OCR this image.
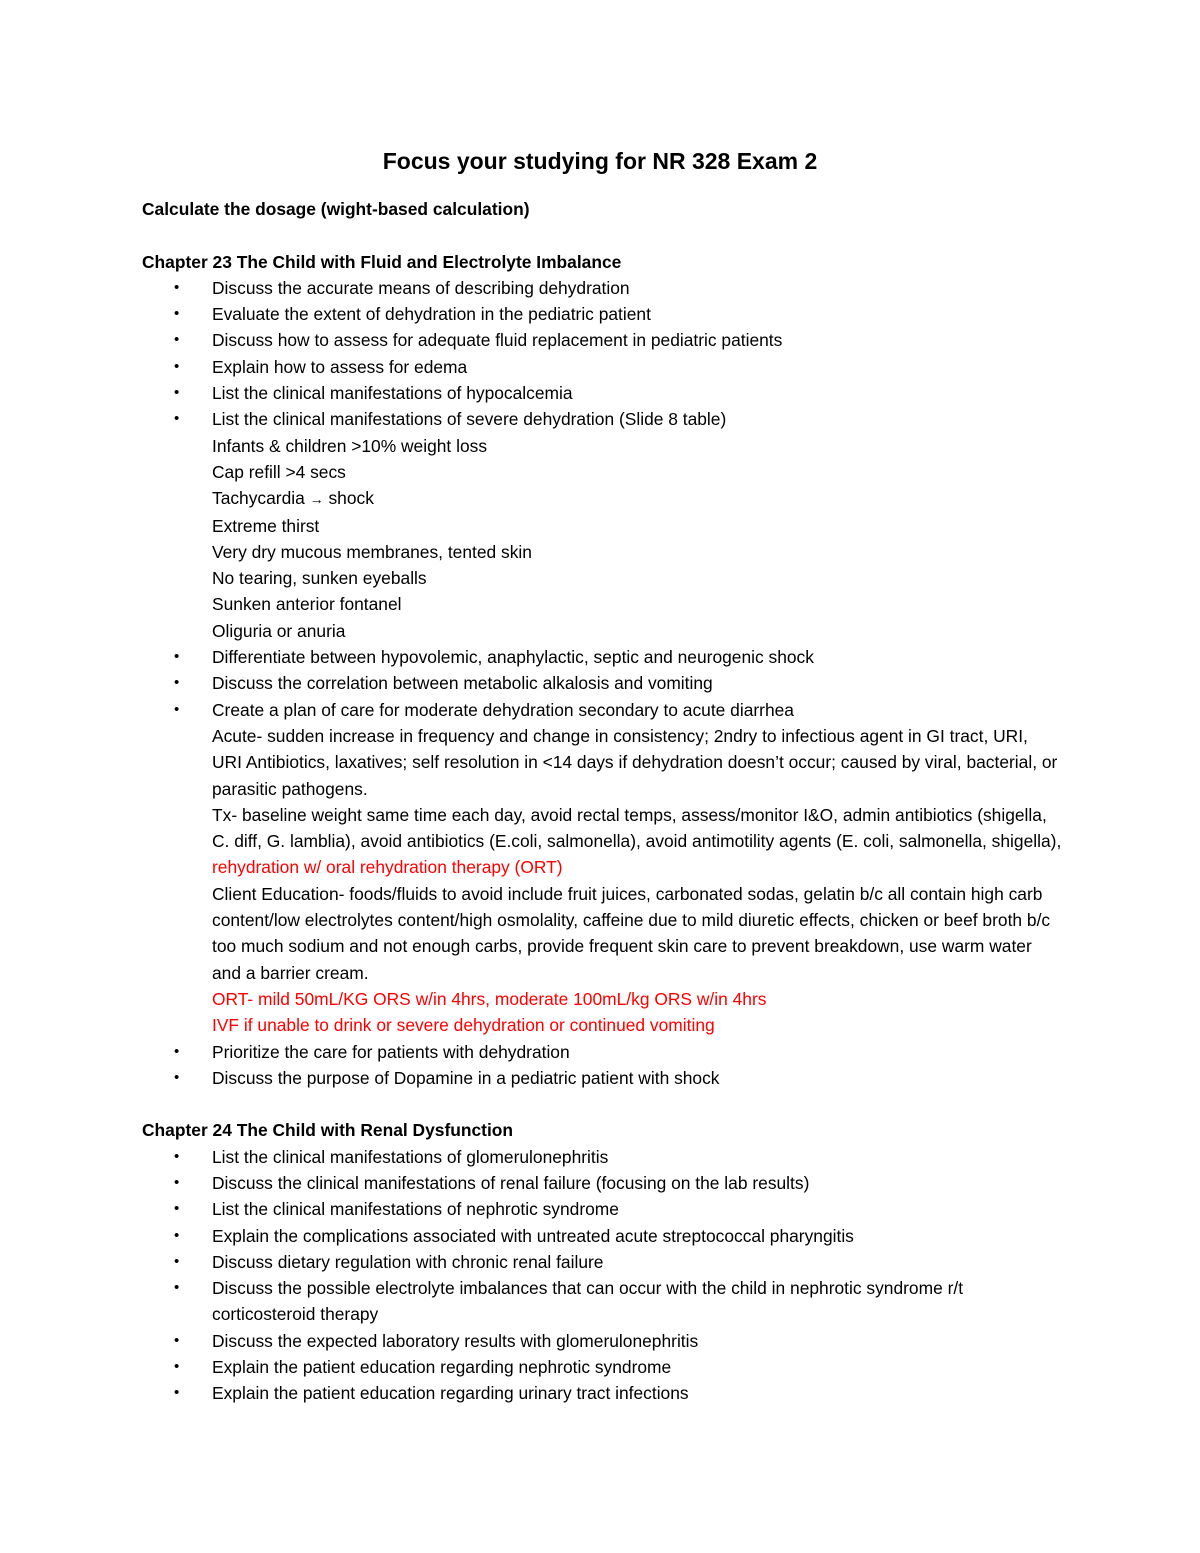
Focus your studying for NR 328 Exam 2

Calculate the dosage (wight-based calculation)

Chapter 23 The Child with Fluid and Electrolyte Imbalance

• Discuss the accurate means of describing dehydration
• Evaluate the extent of dehydration in the pediatric patient
• Discuss how to assess for adequate fluid replacement in pediatric patients
• Explain how to assess for edema
• List the clinical manifestations of hypocalcemia
• List the clinical manifestations of severe dehydration (Slide 8 table)
Infants & children >10% weight loss
Cap refill >4 secs
Tachycardia → shock
Extreme thirst
Very dry mucous membranes, tented skin
No tearing, sunken eyeballs
Sunken anterior fontanel
Oliguria or anuria
• Differentiate between hypovolemic, anaphylactic, septic and neurogenic shock
• Discuss the correlation between metabolic alkalosis and vomiting
• Create a plan of care for moderate dehydration secondary to acute diarrhea
Acute- sudden increase in frequency and change in consistency; 2ndry to infectious agent in GI tract, URI, URI Antibiotics, laxatives; self resolution in <14 days if dehydration doesn’t occur; caused by viral, bacterial, or parasitic pathogens.
Tx- baseline weight same time each day, avoid rectal temps, assess/monitor I&O, admin antibiotics (shigella, C. diff, G. lamblia), avoid antibiotics (E.coli, salmonella), avoid antimotility agents (E. coli, salmonella, shigella), rehydration w/ oral rehydration therapy (ORT)
Client Education- foods/fluids to avoid include fruit juices, carbonated sodas, gelatin b/c all contain high carb content/low electrolytes content/high osmolality, caffeine due to mild diuretic effects, chicken or beef broth b/c too much sodium and not enough carbs, provide frequent skin care to prevent breakdown, use warm water and a barrier cream.
ORT- mild 50mL/KG ORS w/in 4hrs, moderate 100mL/kg ORS w/in 4hrs
IVF if unable to drink or severe dehydration or continued vomiting
• Prioritize the care for patients with dehydration
• Discuss the purpose of Dopamine in a pediatric patient with shock

Chapter 24 The Child with Renal Dysfunction

• List the clinical manifestations of glomerulonephritis
• Discuss the clinical manifestations of renal failure (focusing on the lab results)
• List the clinical manifestations of nephrotic syndrome
• Explain the complications associated with untreated acute streptococcal pharyngitis
• Discuss dietary regulation with chronic renal failure
• Discuss the possible electrolyte imbalances that can occur with the child in nephrotic syndrome r/t corticosteroid therapy
• Discuss the expected laboratory results with glomerulonephritis
• Explain the patient education regarding nephrotic syndrome
• Explain the patient education regarding urinary tract infections
